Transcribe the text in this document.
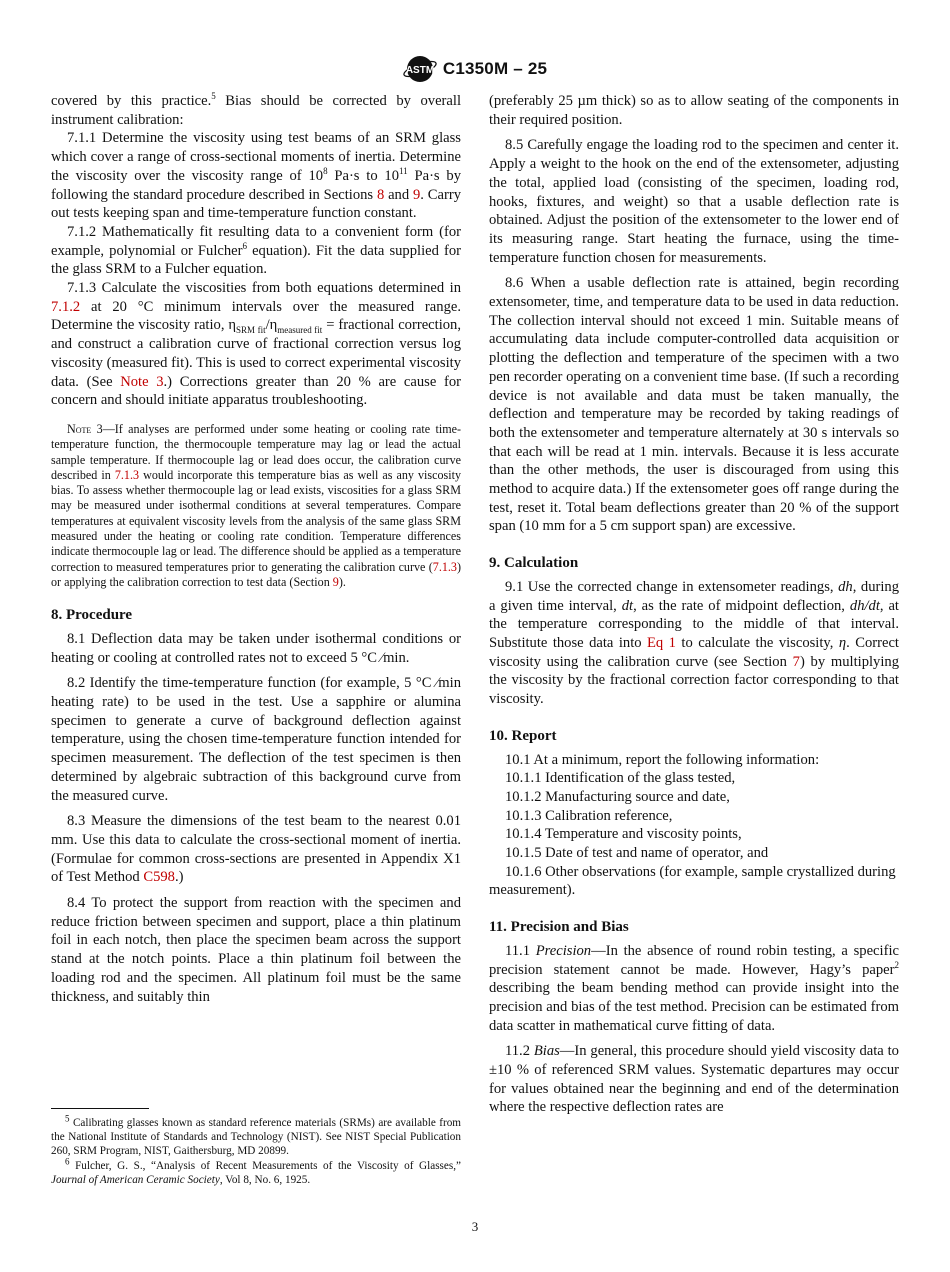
ASTM C1350M – 25

covered by this practice.$^5$ Bias should be corrected by overall instrument calibration:

7.1.1 Determine the viscosity using test beams of an SRM glass which cover a range of cross-sectional moments of inertia. Determine the viscosity over the viscosity range of $10^8$ Pa·s to $10^{11}$ Pa·s by following the standard procedure described in Sections 8 and 9. Carry out tests keeping span and time-temperature function constant.

7.1.2 Mathematically fit resulting data to a convenient form (for example, polynomial or Fulcher$^6$ equation). Fit the data supplied for the glass SRM to a Fulcher equation.

7.1.3 Calculate the viscosities from both equations determined in 7.1.2 at 20 °C minimum intervals over the measured range. Determine the viscosity ratio, $\eta_{SRM fit}/\eta_{measured fit}$ = fractional correction, and construct a calibration curve of fractional correction versus log viscosity (measured fit). This is used to correct experimental viscosity data. (See Note 3.) Corrections greater than 20 % are cause for concern and should initiate apparatus troubleshooting.

Note 3—If analyses are performed under some heating or cooling rate time-temperature function, the thermocouple temperature may lag or lead the actual sample temperature. If thermocouple lag or lead does occur, the calibration curve described in 7.1.3 would incorporate this temperature bias as well as any viscosity bias. To assess whether thermocouple lag or lead exists, viscosities for a glass SRM may be measured under isothermal conditions at several temperatures. Compare temperatures at equivalent viscosity levels from the analysis of the same glass SRM measured under the heating or cooling rate condition. Temperature differences indicate thermocouple lag or lead. The difference should be applied as a temperature correction to measured temperatures prior to generating the calibration curve (7.1.3) or applying the calibration correction to test data (Section 9).

8. Procedure

8.1 Deflection data may be taken under isothermal conditions or heating or cooling at controlled rates not to exceed 5 °C ⁄min.

8.2 Identify the time-temperature function (for example, 5 °C ⁄min heating rate) to be used in the test. Use a sapphire or alumina specimen to generate a curve of background deflection against temperature, using the chosen time-temperature function intended for specimen measurement. The deflection of the test specimen is then determined by algebraic subtraction of this background curve from the measured curve.

8.3 Measure the dimensions of the test beam to the nearest 0.01 mm. Use this data to calculate the cross-sectional moment of inertia. (Formulae for common cross-sections are presented in Appendix X1 of Test Method C598.)

8.4 To protect the support from reaction with the specimen and reduce friction between specimen and support, place a thin platinum foil in each notch, then place the specimen beam across the support stand at the notch points. Place a thin platinum foil between the loading rod and the specimen. All platinum foil must be the same thickness, and suitably thin

$^5$ Calibrating glasses known as standard reference materials (SRMs) are available from the National Institute of Standards and Technology (NIST). See NIST Special Publication 260, SRM Program, NIST, Gaithersburg, MD 20899.

$^6$ Fulcher, G. S., “Analysis of Recent Measurements of the Viscosity of Glasses,” Journal of American Ceramic Society, Vol 8, No. 6, 1925.

(preferably 25 µm thick) so as to allow seating of the components in their required position.

8.5 Carefully engage the loading rod to the specimen and center it. Apply a weight to the hook on the end of the extensometer, adjusting the total, applied load (consisting of the specimen, loading rod, hooks, fixtures, and weight) so that a usable deflection rate is obtained. Adjust the position of the extensometer to the lower end of its measuring range. Start heating the furnace, using the time-temperature function chosen for measurements.

8.6 When a usable deflection rate is attained, begin recording extensometer, time, and temperature data to be used in data reduction. The collection interval should not exceed 1 min. Suitable means of accumulating data include computer-controlled data acquisition or plotting the deflection and temperature of the specimen with a two pen recorder operating on a convenient time base. (If such a recording device is not available and data must be taken manually, the deflection and temperature may be recorded by taking readings of both the extensometer and temperature alternately at 30 s intervals so that each will be read at 1 min. intervals. Because it is less accurate than the other methods, the user is discouraged from using this method to acquire data.) If the extensometer goes off range during the test, reset it. Total beam deflections greater than 20 % of the support span (10 mm for a 5 cm support span) are excessive.

9. Calculation

9.1 Use the corrected change in extensometer readings, dh, during a given time interval, dt, as the rate of midpoint deflection, dh/dt, at the temperature corresponding to the middle of that interval. Substitute those data into Eq 1 to calculate the viscosity, η. Correct viscosity using the calibration curve (see Section 7) by multiplying the viscosity by the fractional correction factor corresponding to that viscosity.

10. Report

10.1 At a minimum, report the following information:

10.1.1 Identification of the glass tested,

10.1.2 Manufacturing source and date,

10.1.3 Calibration reference,

10.1.4 Temperature and viscosity points,

10.1.5 Date of test and name of operator, and

10.1.6 Other observations (for example, sample crystallized during measurement).

11. Precision and Bias

11.1 Precision—In the absence of round robin testing, a specific precision statement cannot be made. However, Hagy’s paper$^2$ describing the beam bending method can provide insight into the precision and bias of the test method. Precision can be estimated from data scatter in mathematical curve fitting of data.

11.2 Bias—In general, this procedure should yield viscosity data to ±10 % of referenced SRM values. Systematic departures may occur for values obtained near the beginning and end of the determination where the respective deflection rates are

3
